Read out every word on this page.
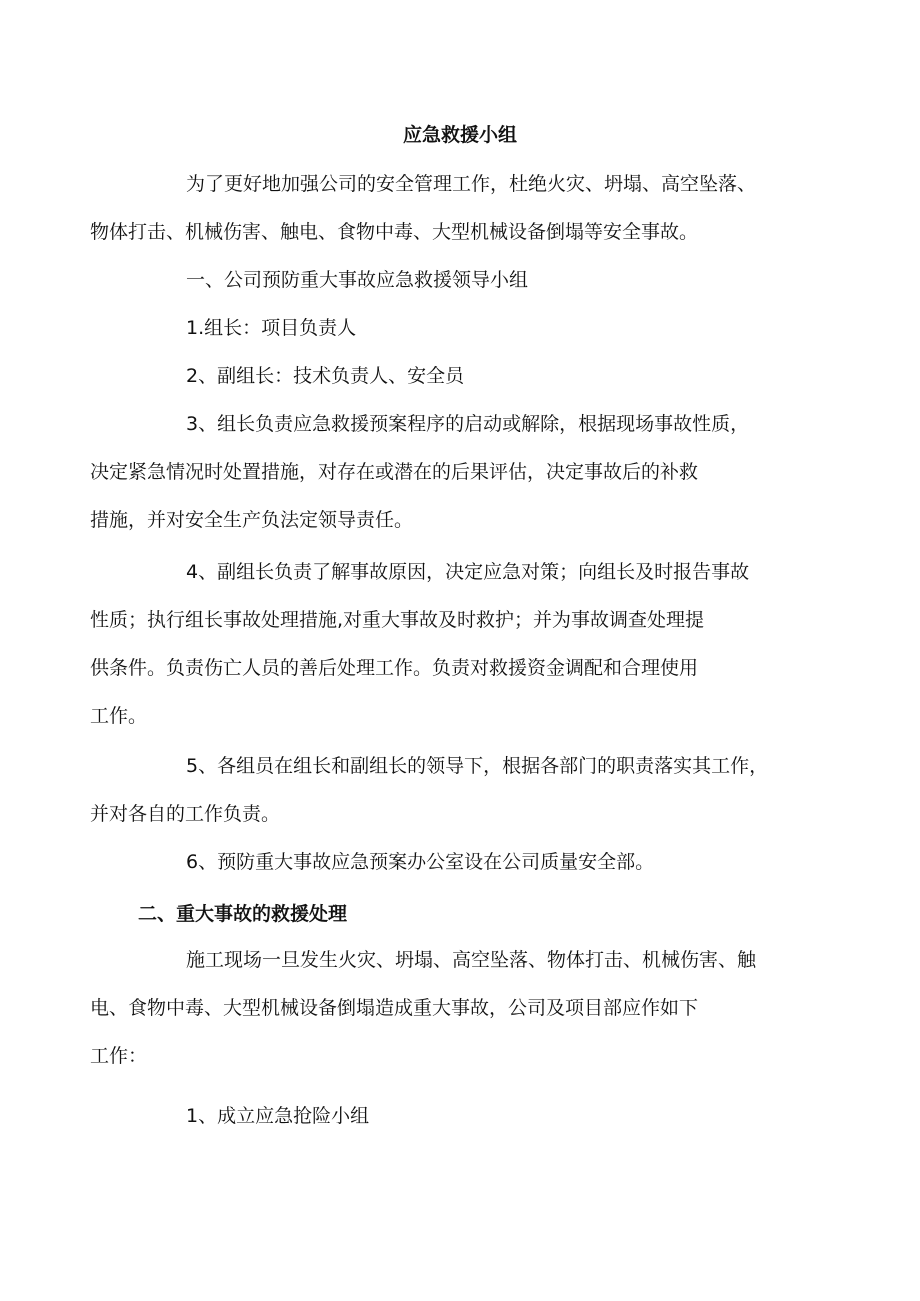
应急救援小组
为了更好地加强公司的安全管理工作，杜绝火灾、坍塌、高空坠落、
物体打击、机械伤害、触电、食物中毒、大型机械设备倒塌等安全事故。
一、公司预防重大事故应急救援领导小组
1.组长：项目负责人
2、副组长：技术负责人、安全员
3、组长负责应急救援预案程序的启动或解除，根据现场事故性质，
决定紧急情况时处置措施，对存在或潜在的后果评估，决定事故后的补救
措施，并对安全生产负法定领导责任。
4、副组长负责了解事故原因，决定应急对策；向组长及时报告事故
性质；执行组长事故处理措施,对重大事故及时救护；并为事故调查处理提
供条件。负责伤亡人员的善后处理工作。负责对救援资金调配和合理使用
工作。
5、各组员在组长和副组长的领导下，根据各部门的职责落实其工作，
并对各自的工作负责。
6、预防重大事故应急预案办公室设在公司质量安全部。
二、重大事故的救援处理
施工现场一旦发生火灾、坍塌、高空坠落、物体打击、机械伤害、触
电、食物中毒、大型机械设备倒塌造成重大事故，公司及项目部应作如下
工作：
1、成立应急抢险小组
